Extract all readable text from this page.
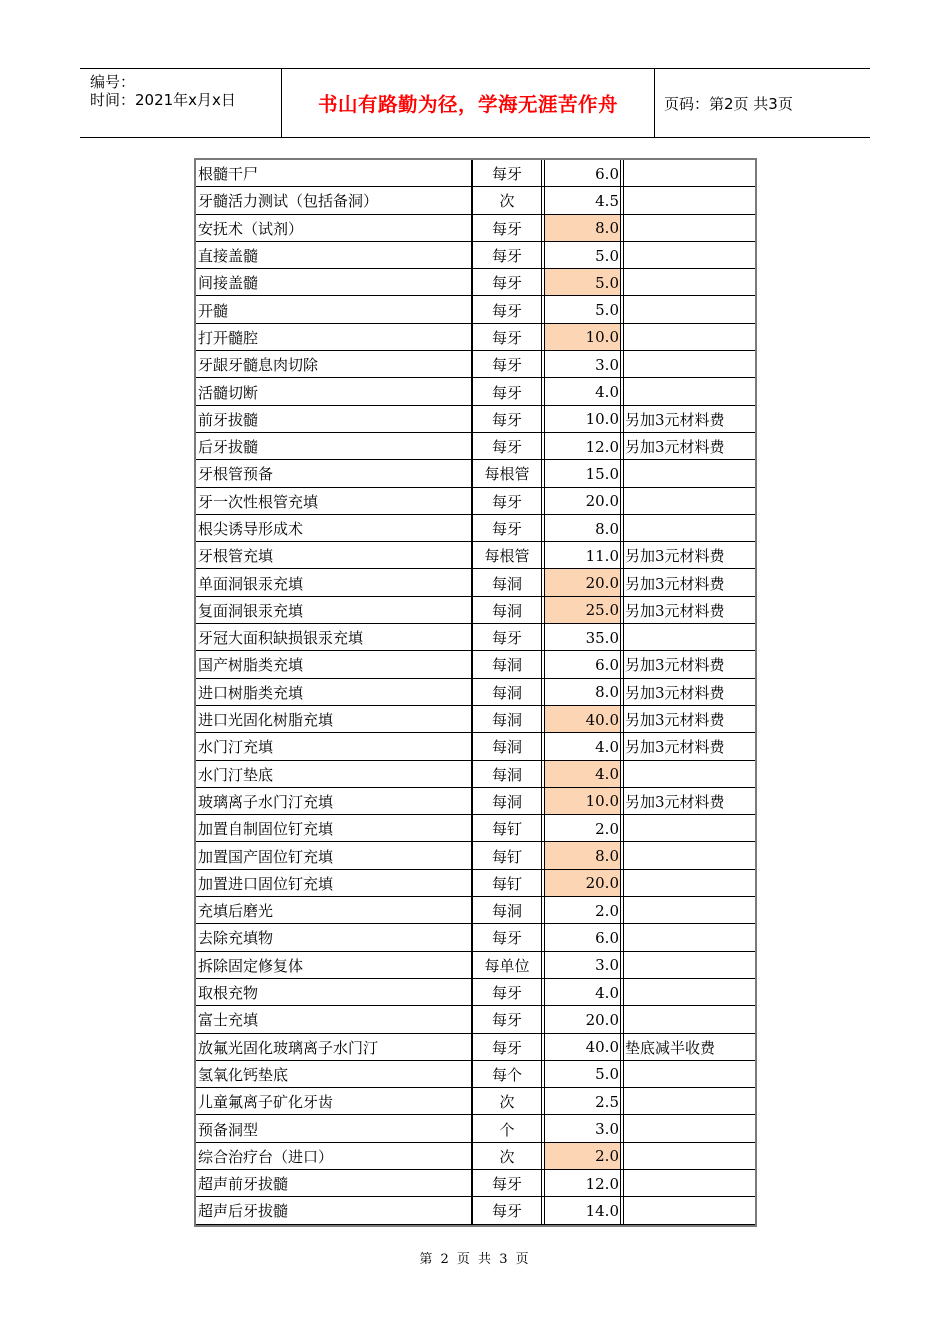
编号：
时间：2021年x月x日	书山有路勤为径，学海无涯苦作舟	页码：第2页 共3页
根髓干尸	每牙	6.0
牙髓活力测试（包括备洞）	次	4.5
安抚术（试剂）	每牙	8.0
直接盖髓	每牙	5.0
间接盖髓	每牙	5.0
开髓	每牙	5.0
打开髓腔	每牙	10.0
牙龈牙髓息肉切除	每牙	3.0
活髓切断	每牙	4.0
前牙拔髓	每牙	10.0 另加3元材料费
后牙拔髓	每牙	12.0 另加3元材料费
牙根管预备	每根管	15.0
牙一次性根管充填	每牙	20.0
根尖诱导形成术	每牙	8.0
牙根管充填	每根管	11.0 另加3元材料费
单面洞银汞充填	每洞	20.0 另加3元材料费
复面洞银汞充填	每洞	25.0 另加3元材料费
牙冠大面积缺损银汞充填	每牙	35.0
国产树脂类充填	每洞	6.0 另加3元材料费
进口树脂类充填	每洞	8.0 另加3元材料费
进口光固化树脂充填	每洞	40.0 另加3元材料费
水门汀充填	每洞	4.0 另加3元材料费
水门汀垫底	每洞	4.0
玻璃离子水门汀充填	每洞	10.0 另加3元材料费
加置自制固位钉充填	每钉	2.0
加置国产固位钉充填	每钉	8.0
加置进口固位钉充填	每钉	20.0
充填后磨光	每洞	2.0
去除充填物	每牙	6.0
拆除固定修复体	每单位	3.0
取根充物	每牙	4.0
富士充填	每牙	20.0
放氟光固化玻璃离子水门汀	每牙	40.0 垫底减半收费
氢氧化钙垫底	每个	5.0
儿童氟离子矿化牙齿	次	2.5
预备洞型	个	3.0
综合治疗台（进口）	次	2.0
超声前牙拔髓	每牙	12.0
超声后牙拔髓	每牙	14.0
第 2 页 共 3 页
